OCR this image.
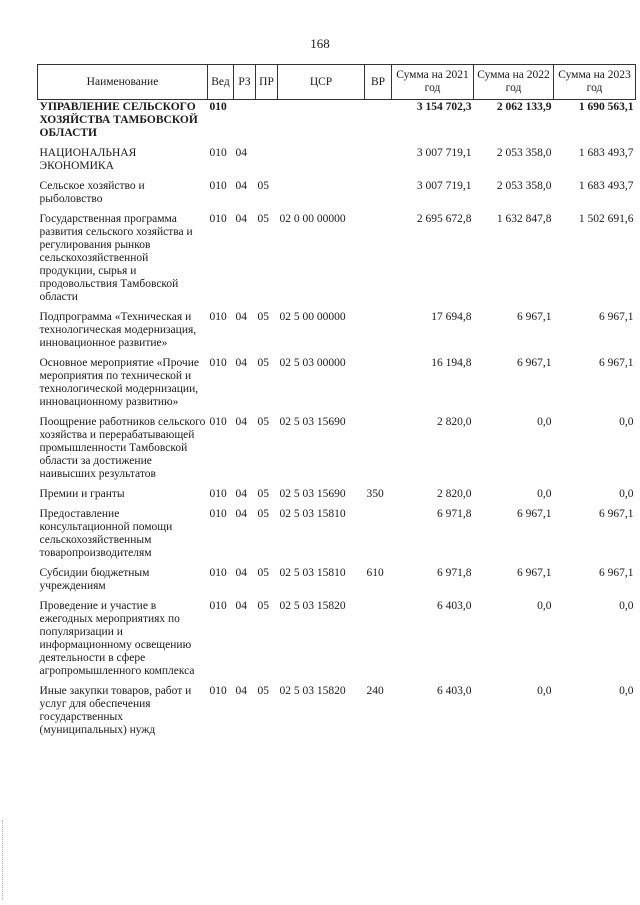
168
Наименование	Вед	РЗ	ПР	ЦСР	ВР	Сумма на 2021 год	Сумма на 2022 год	Сумма на 2023 год
УПРАВЛЕНИЕ СЕЛЬСКОГО ХОЗЯЙСТВА ТАМБОВСКОЙ ОБЛАСТИ	010					3 154 702,3	2 062 133,9	1 690 563,1
НАЦИОНАЛЬНАЯ ЭКОНОМИКА	010	04				3 007 719,1	2 053 358,0	1 683 493,7
Сельское хозяйство и рыболовство	010	04	05			3 007 719,1	2 053 358,0	1 683 493,7
Государственная программа развития сельского хозяйства и регулирования рынков сельскохозяйственной продукции, сырья и продовольствия Тамбовской области	010	04	05	02 0 00 00000		2 695 672,8	1 632 847,8	1 502 691,6
Подпрограмма «Техническая и технологическая модернизация, инновационное развитие»	010	04	05	02 5 00 00000		17 694,8	6 967,1	6 967,1
Основное мероприятие «Прочие мероприятия по технической и технологической модернизации, инновационному развитию»	010	04	05	02 5 03 00000		16 194,8	6 967,1	6 967,1
Поощрение работников сельского хозяйства и перерабатывающей промышленности Тамбовской области за достижение наивысших результатов	010	04	05	02 5 03 15690		2 820,0	0,0	0,0
Премии и гранты	010	04	05	02 5 03 15690	350	2 820,0	0,0	0,0
Предоставление консультационной помощи сельскохозяйственным товаропроизводителям	010	04	05	02 5 03 15810		6 971,8	6 967,1	6 967,1
Субсидии бюджетным учреждениям	010	04	05	02 5 03 15810	610	6 971,8	6 967,1	6 967,1
Проведение и участие в ежегодных мероприятиях по популяризации и информационному освещению деятельности в сфере агропромышленного комплекса	010	04	05	02 5 03 15820		6 403,0	0,0	0,0
Иные закупки товаров, работ и услуг для обеспечения государственных (муниципальных) нужд	010	04	05	02 5 03 15820	240	6 403,0	0,0	0,0
